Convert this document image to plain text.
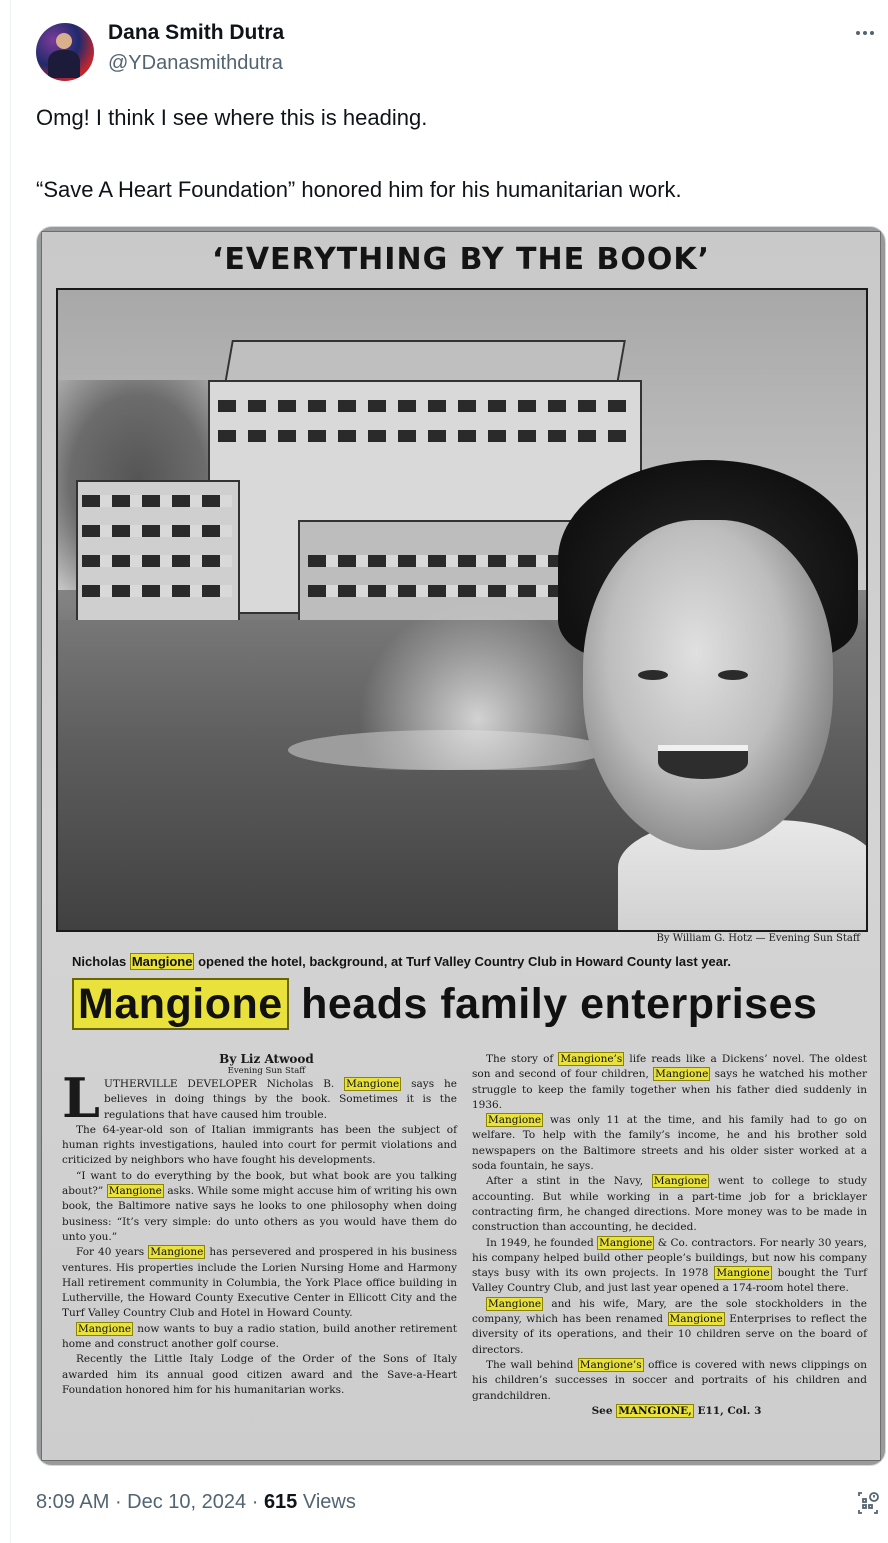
Dana Smith Dutra
@YDanasmithdutra
Omg! I think I see where this is heading.
“Save A Heart Foundation” honored him for his humanitarian work.
‘EVERYTHING BY THE BOOK’
By William G. Hotz — Evening Sun Staff
Nicholas Mangione opened the hotel, background, at Turf Valley Country Club in Howard County last year.
Mangione heads family enterprises

By Liz Atwood

Evening Sun Staff

LUTHERVILLE DEVELOPER Nicholas B. Mangione says he believes in doing things by the book. Sometimes it is the regulations that have caused him trouble.

The 64-year-old son of Italian immigrants has been the subject of human rights investigations, hauled into court for permit violations and criticized by neighbors who have fought his developments.

“I want to do everything by the book, but what book are you talking about?” Mangione asks. While some might accuse him of writing his own book, the Baltimore native says he looks to one philosophy when doing business: “It’s very simple: do unto others as you would have them do unto you.”

For 40 years Mangione has persevered and prospered in his business ventures. His properties include the Lorien Nursing Home and Harmony Hall retirement community in Columbia, the York Place office building in Lutherville, the Howard County Executive Center in Ellicott City and the Turf Valley Country Club and Hotel in Howard County.

Mangione now wants to buy a radio station, build another retirement home and construct another golf course.

Recently the Little Italy Lodge of the Order of the Sons of Italy awarded him its annual good citizen award and the Save-a-Heart Foundation honored him for his humanitarian works.

The story of Mangione’s life reads like a Dickens’ novel. The oldest son and second of four children, Mangione says he watched his mother struggle to keep the family together when his father died suddenly in 1936.

Mangione was only 11 at the time, and his family had to go on welfare. To help with the family’s income, he and his brother sold newspapers on the Baltimore streets and his older sister worked at a soda fountain, he says.

After a stint in the Navy, Mangione went to college to study accounting. But while working in a part-time job for a bricklayer contracting firm, he changed directions. More money was to be made in construction than accounting, he decided.

In 1949, he founded Mangione & Co. contractors. For nearly 30 years, his company helped build other people’s buildings, but now his company stays busy with its own projects. In 1978 Mangione bought the Turf Valley Country Club, and just last year opened a 174-room hotel there.

Mangione and his wife, Mary, are the sole stockholders in the company, which has been renamed Mangione Enterprises to reflect the diversity of its operations, and their 10 children serve on the board of directors.

The wall behind Mangione’s office is covered with news clippings on his children’s successes in soccer and portraits of his children and grandchildren.

See MANGIONE, E11, Col. 3

8:09 AM · Dec 10, 2024 · 615 Views
